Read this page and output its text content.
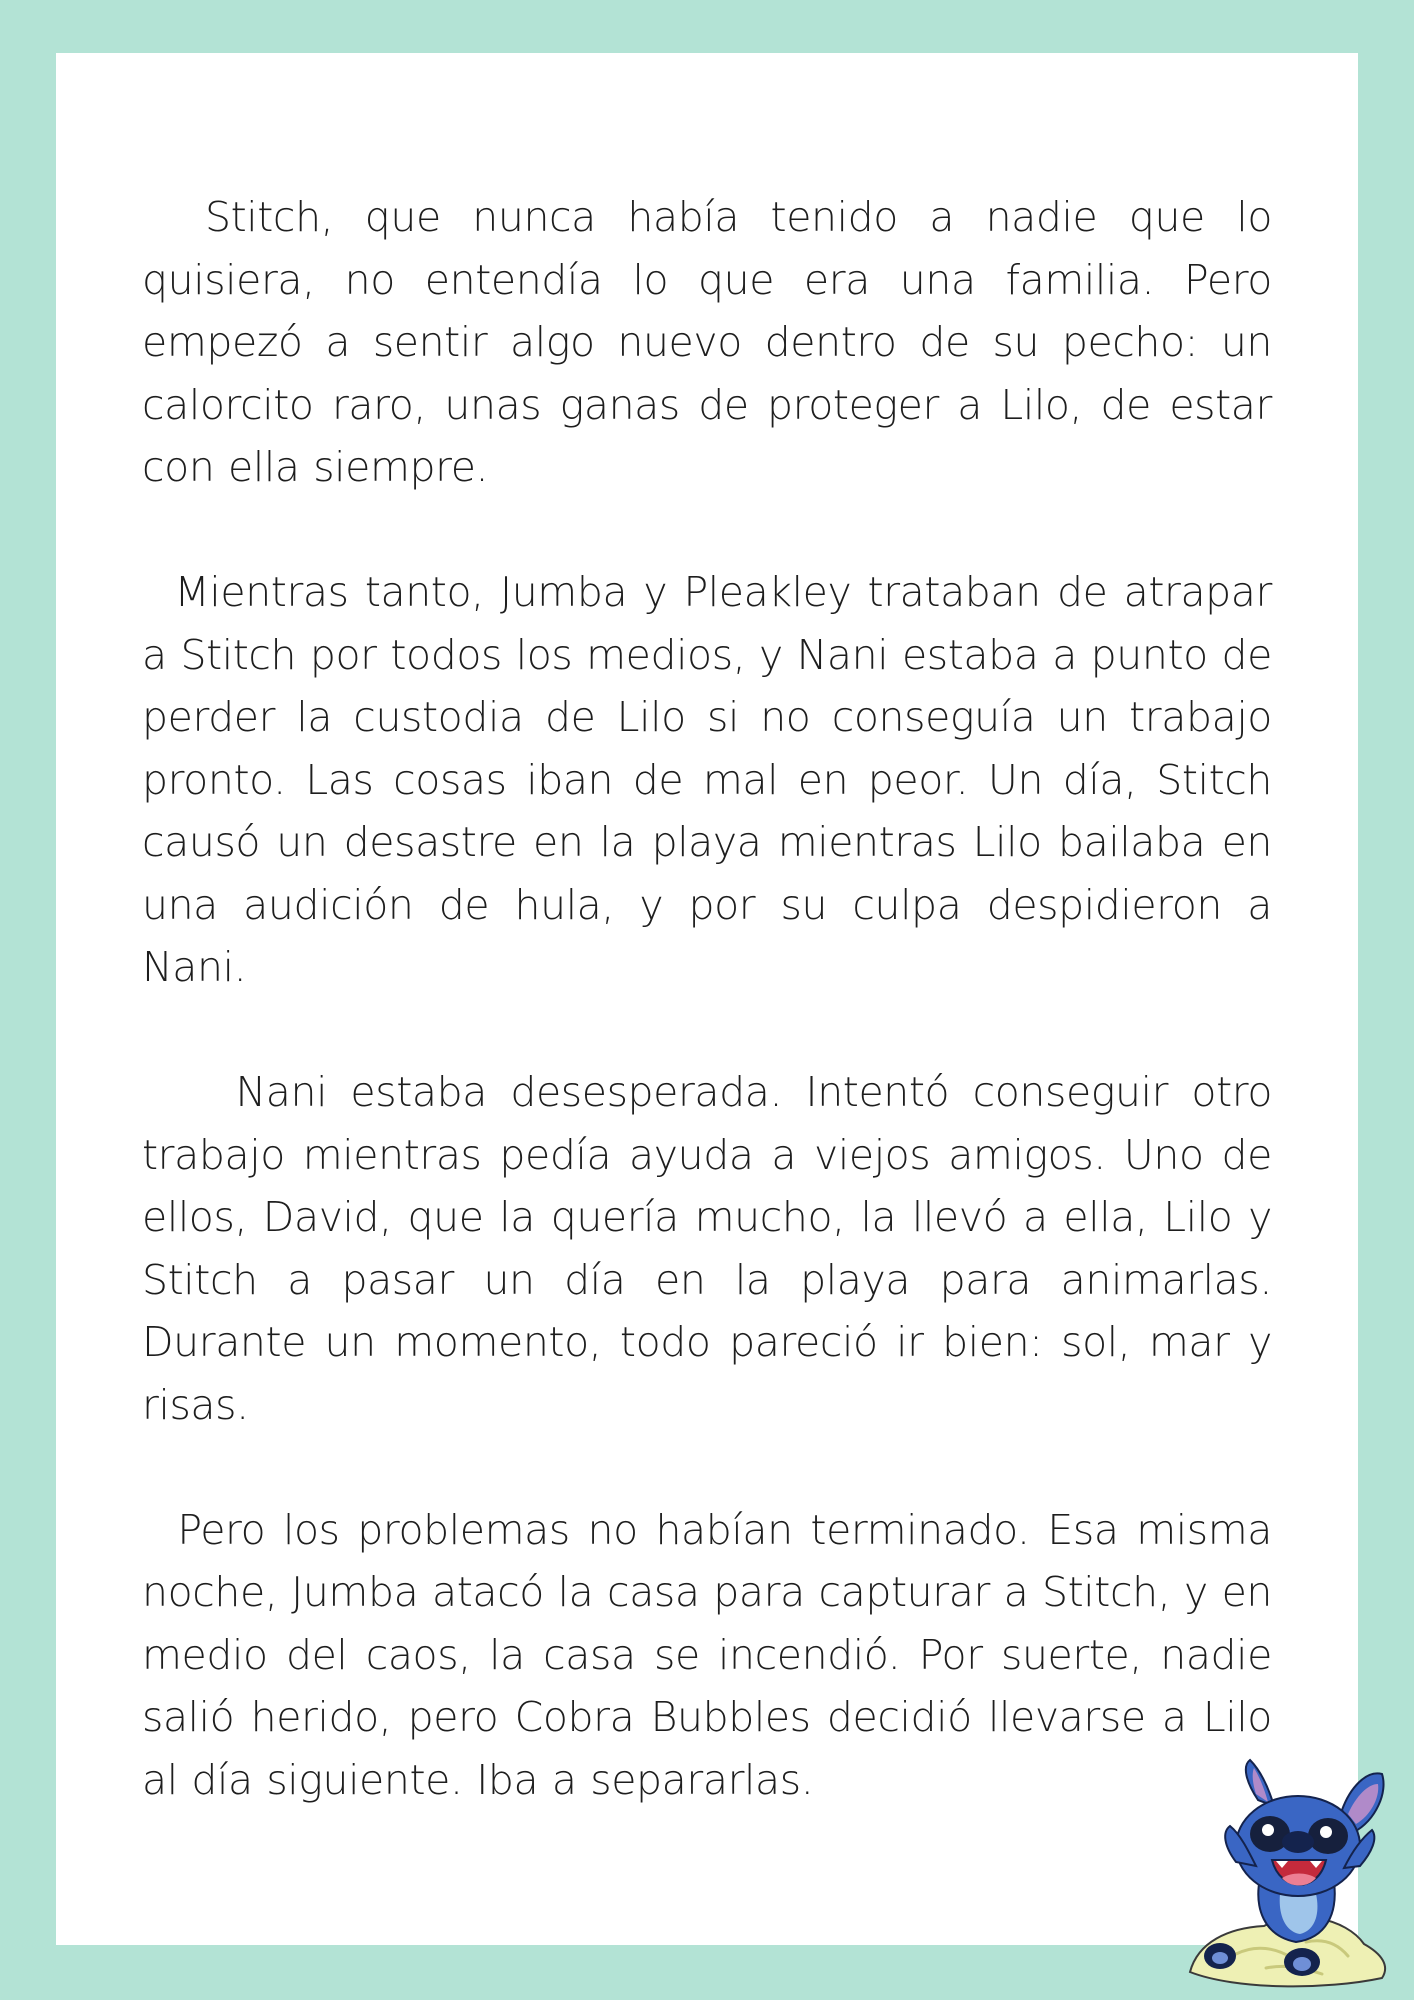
Stitch, que nunca había tenido a nadie que lo quisiera, no entendía lo que era una familia. Pero empezó a sentir algo nuevo dentro de su pecho: un calorcito raro, unas ganas de proteger a Lilo, de estar con ella siempre.

Mientras tanto, Jumba y Pleakley trataban de atrapar a Stitch por todos los medios, y Nani estaba a punto de perder la custodia de Lilo si no conseguía un trabajo pronto. Las cosas iban de mal en peor. Un día, Stitch causó un desastre en la playa mientras Lilo bailaba en una audición de hula, y por su culpa despidieron a Nani.

Nani estaba desesperada. Intentó conseguir otro trabajo mientras pedía ayuda a viejos amigos. Uno de ellos, David, que la quería mucho, la llevó a ella, Lilo y Stitch a pasar un día en la playa para animarlas. Durante un momento, todo pareció ir bien: sol, mar y risas.

Pero los problemas no habían terminado. Esa misma noche, Jumba atacó la casa para capturar a Stitch, y en medio del caos, la casa se incendió. Por suerte, nadie salió herido, pero Cobra Bubbles decidió llevarse a Lilo al día siguiente. Iba a separarlas.
